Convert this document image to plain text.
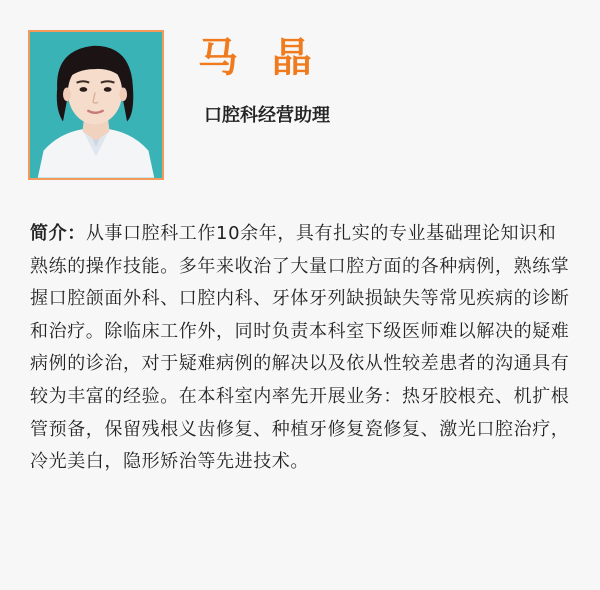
马 晶
口腔科经营助理

简介：从事口腔科工作10余年，具有扎实的专业基础理论知识和熟练的操作技能。多年来收治了大量口腔方面的各种病例，熟练掌握口腔颌面外科、口腔内科、牙体牙列缺损缺失等常见疾病的诊断和治疗。除临床工作外，同时负责本科室下级医师难以解决的疑难病例的诊治，对于疑难病例的解决以及依从性较差患者的沟通具有较为丰富的经验。在本科室内率先开展业务：热牙胶根充、机扩根管预备，保留残根义齿修复、种植牙修复瓷修复、激光口腔治疗，冷光美白，隐形矫治等先进技术。
